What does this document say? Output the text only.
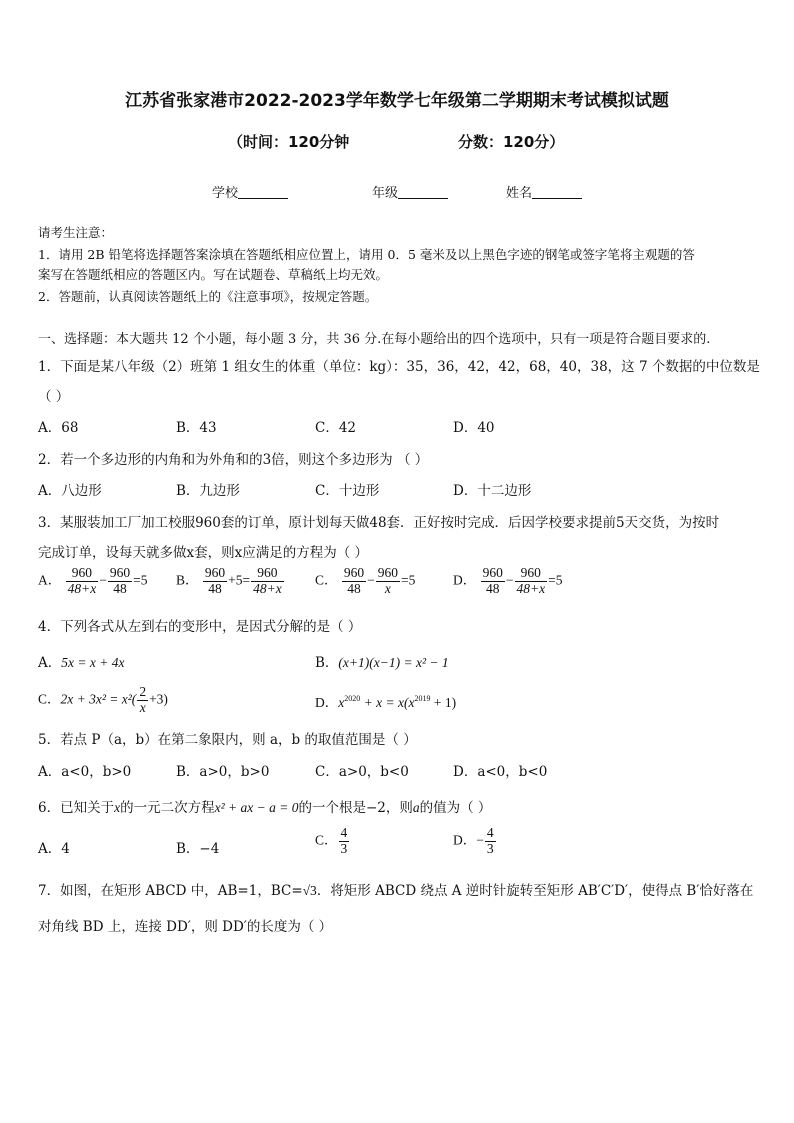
江苏省张家港市2022-2023学年数学七年级第二学期期末考试模拟试题
（时间：120分钟	分数：120分）
学校	年级	姓名
请考生注意：
1．请用 2B 铅笔将选择题答案涂填在答题纸相应位置上，请用 0．5 毫米及以上黑色字迹的钢笔或签字笔将主观题的答
案写在答题纸相应的答题区内。写在试题卷、草稿纸上均无效。
2．答题前，认真阅读答题纸上的《注意事项》，按规定答题。
一、选择题：本大题共 12 个小题，每小题 3 分，共 36 分.在每小题给出的四个选项中，只有一项是符合题目要求的.
1．下面是某八年级（2）班第 1 组女生的体重（单位：kg）：35，36，42，42，68，40，38，这 7 个数据的中位数是
（ ）
A．68	B．43	C．42	D．40
2．若一个多边形的内角和为外角和的3倍，则这个多边形为 （ ）
A．八边形	B．九边形	C．十边形	D．十二边形
3．某服装加工厂加工校服960套的订单，原计划每天做48套．正好按时完成．后因学校要求提前5天交货，为按时
完成订单，设每天就多做x套，则x应满足的方程为（ ）
A． $\frac{960}{48+x} - \frac{960}{48} =5$ B． $\frac{960}{48} +5= \frac{960}{48+x}$ C． $\frac{960}{48} - \frac{960}{x} =5$	D． $\frac{960}{48} - \frac{960}{48+x} =5$
4．下列各式从左到右的变形中，是因式分解的是（ ）
A．5x = x + 4x	B．(x+1)(x−1) = x² − 1
C．$2x + 3x^2 = x^2( \frac{2}{x} +3)$	D．$x^{2020} + x = x(x^{2019} + 1)$
5．若点 P（a，b）在第二象限内，则 a，b 的取值范围是（ ）
A．a<0，b>0	B．a>0，b>0	C．a>0，b<0	D．a<0，b<0
6．已知关于x的一元二次方程x² + ax − a = 0的一个根是−2，则a的值为（ ）
A．4	B．−4
C． $\frac{4}{3}$	D．− $\frac{4}{3}$
7．如图，在矩形 ABCD 中，AB=1，BC=√3．将矩形 ABCD 绕点 A 逆时针旋转至矩形 AB′C′D′，使得点 B′恰好落在
对角线 BD 上，连接 DD′，则 DD′的长度为（ ）
